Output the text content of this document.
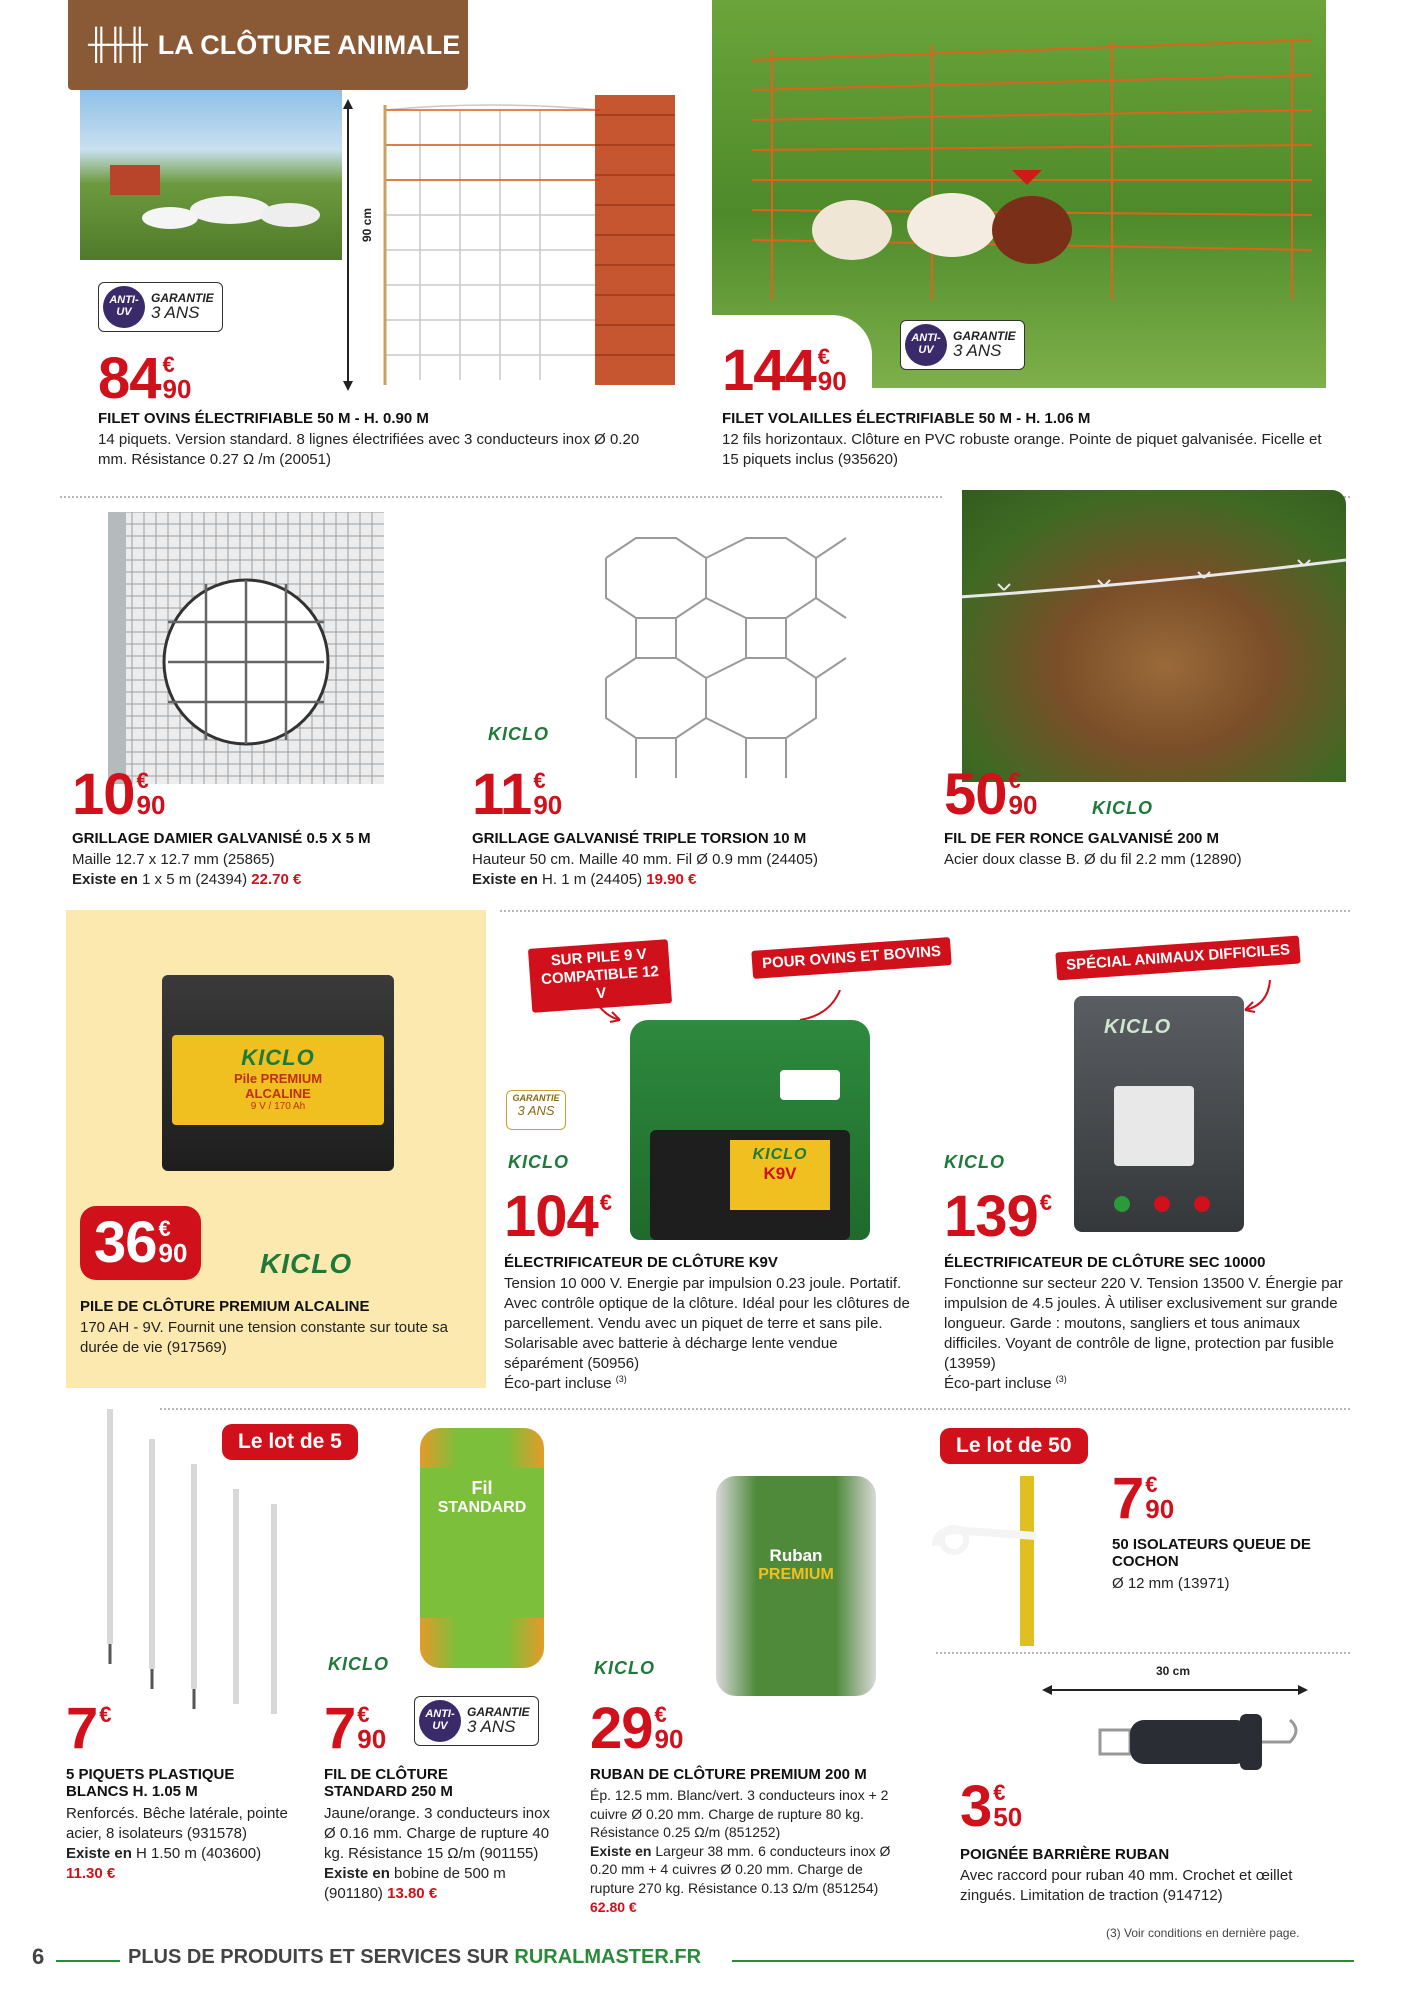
╫╫╫ LA CLÔTURE ANIMALE
90 cm
ANTI-UV
GARANTIE
3 ANS
84 €
90
FILET OVINS ÉLECTRIFIABLE 50 M - H. 0.90 M
14 piquets. Version standard. 8 lignes électrifiées avec 3 conducteurs inox Ø 0.20 mm. Résistance 0.27 Ω /m (20051)
ANTI-UV
GARANTIE
3 ANS
144 €
90
FILET VOLAILLES ÉLECTRIFIABLE 50 M - H. 1.06 M
12 fils horizontaux. Clôture en PVC robuste orange. Pointe de piquet galvanisée. Ficelle et 15 piquets inclus (935620)
10 €
90
GRILLAGE DAMIER GALVANISÉ 0.5 X 5 M
Maille 12.7 x 12.7 mm (25865)
Existe en 1 x 5 m (24394) 22.70 €
KICLO
11 €
90
GRILLAGE GALVANISÉ TRIPLE TORSION 10 M
Hauteur 50 cm. Maille 40 mm. Fil Ø 0.9 mm (24405)
Existe en H. 1 m (24405) 19.90 €
50 €
90	KICLO
FIL DE FER RONCE GALVANISÉ 200 M
Acier doux classe B. Ø du fil 2.2 mm (12890)
KICLO
Pile PREMIUM
ALCALINE
9 V / 170 Ah
36 €
90	KICLO
PILE DE CLÔTURE PREMIUM ALCALINE
170 AH - 9V. Fournit une tension constante sur toute sa durée de vie (917569)
SUR PILE 9 V COMPATIBLE 12 V
POUR OVINS ET BOVINS
KICLO
K9V
GARANTIE
3 ANS
KICLO
104 €
ÉLECTRIFICATEUR DE CLÔTURE K9V
Tension 10 000 V. Energie par impulsion 0.23 joule. Portatif. Avec contrôle optique de la clôture. Idéal pour les clôtures de parcellement. Vendu avec un piquet de terre et sans pile. Solarisable avec batterie à décharge lente vendue séparément (50956)
Éco-part incluse $^{(3)}$
SPÉCIAL ANIMAUX DIFFICILES
KICLO
KICLO
139 €
ÉLECTRIFICATEUR DE CLÔTURE SEC 10000
Fonctionne sur secteur 220 V. Tension 13500 V. Énergie par impulsion de 4.5 joules. À utiliser exclusivement sur grande longueur. Garde : moutons, sangliers et tous animaux difficiles. Voyant de contrôle de ligne, protection par fusible (13959)
Éco-part incluse $^{(3)}$
Le lot de 5
7 €
5 PIQUETS PLASTIQUE BLANCS H. 1.05 M
Renforcés. Bêche latérale, pointe acier, 8 isolateurs (931578)
Existe en H 1.50 m (403600)
11.30 €
Fil
STANDARD
KICLO
ANTI-UV
GARANTIE
3 ANS
7 €
90
FIL DE CLÔTURE STANDARD 250 M
Jaune/orange. 3 conducteurs inox Ø 0.16 mm. Charge de rupture 40 kg. Résistance 15 Ω/m (901155)
Existe en bobine de 500 m (901180) 13.80 €
Ruban
PREMIUM
KICLO
29 €
90
RUBAN DE CLÔTURE PREMIUM 200 M
Ép. 12.5 mm. Blanc/vert. 3 conducteurs inox + 2 cuivre Ø 0.20 mm. Charge de rupture 80 kg. Résistance 0.25 Ω/m (851252)
Existe en Largeur 38 mm. 6 conducteurs inox Ø 0.20 mm + 4 cuivres Ø 0.20 mm. Charge de rupture 270 kg. Résistance 0.13 Ω/m (851254)
62.80 €
Le lot de 50
7 €
90
50 ISOLATEURS QUEUE DE COCHON
Ø 12 mm (13971)
30 cm
3 €
50
POIGNÉE BARRIÈRE RUBAN
Avec raccord pour ruban 40 mm. Crochet et œillet zingués. Limitation de traction (914712)
(3) Voir conditions en dernière page.
6	PLUS DE PRODUITS ET SERVICES SUR RURALMASTER.FR
